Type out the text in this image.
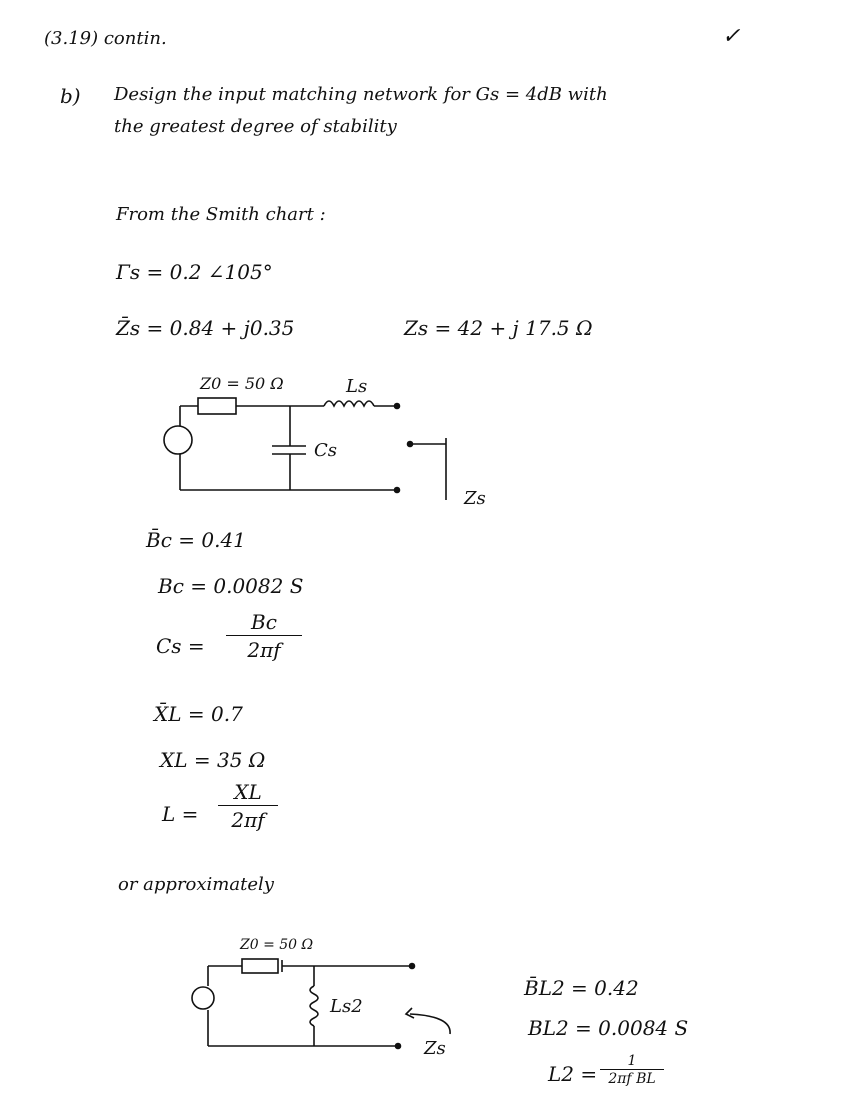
(3.19) contin.	✓
b) Design the input matching network for Gs = 4dB with
the greatest degree of stability
From the Smith chart :
Γs = 0.2 ∠105°
Z̄s = 0.84 + j0.35	Zs = 42 + j 17.5 Ω
Z0 = 50 Ω	Ls
Cs
Zs
B̄c = 0.41
Bc = 0.0082 S
$Cs = \frac{Bc}{2\pi f}$
X̄L = 0.7
XL = 35 Ω
$L = \frac{XL}{2\pi f}$
or approximately
Z0 = 50 Ω
Ls2
Zs
B̄L2 = 0.42
BL2 = 0.0084 S
$L2 = \frac{1}{\text{2πf BL}}$
